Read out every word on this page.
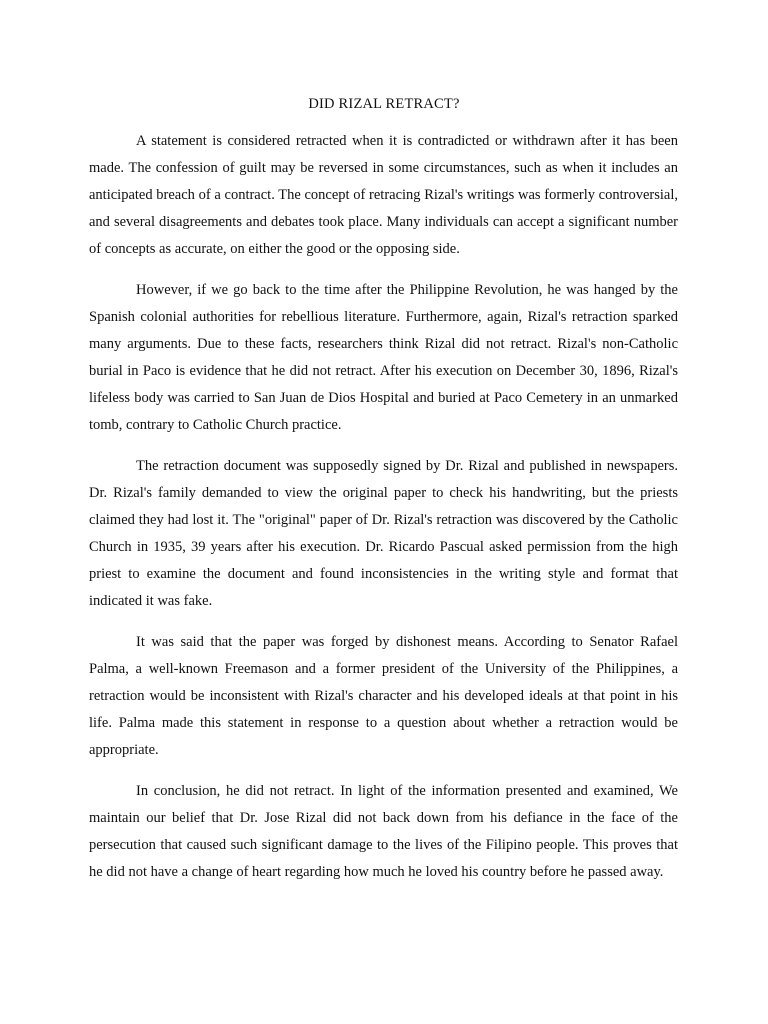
DID RIZAL RETRACT?

A statement is considered retracted when it is contradicted or withdrawn after it has been made. The confession of guilt may be reversed in some circumstances, such as when it includes an anticipated breach of a contract. The concept of retracing Rizal's writings was formerly controversial, and several disagreements and debates took place. Many individuals can accept a significant number of concepts as accurate, on either the good or the opposing side.

However, if we go back to the time after the Philippine Revolution, he was hanged by the Spanish colonial authorities for rebellious literature. Furthermore, again, Rizal's retraction sparked many arguments. Due to these facts, researchers think Rizal did not retract. Rizal's non-Catholic burial in Paco is evidence that he did not retract. After his execution on December 30, 1896, Rizal's lifeless body was carried to San Juan de Dios Hospital and buried at Paco Cemetery in an unmarked tomb, contrary to Catholic Church practice.

The retraction document was supposedly signed by Dr. Rizal and published in newspapers. Dr. Rizal's family demanded to view the original paper to check his handwriting, but the priests claimed they had lost it. The "original" paper of Dr. Rizal's retraction was discovered by the Catholic Church in 1935, 39 years after his execution. Dr. Ricardo Pascual asked permission from the high priest to examine the document and found inconsistencies in the writing style and format that indicated it was fake.

It was said that the paper was forged by dishonest means. According to Senator Rafael Palma, a well-known Freemason and a former president of the University of the Philippines, a retraction would be inconsistent with Rizal's character and his developed ideals at that point in his life. Palma made this statement in response to a question about whether a retraction would be appropriate.

In conclusion, he did not retract. In light of the information presented and examined, We maintain our belief that Dr. Jose Rizal did not back down from his defiance in the face of the persecution that caused such significant damage to the lives of the Filipino people. This proves that he did not have a change of heart regarding how much he loved his country before he passed away.
